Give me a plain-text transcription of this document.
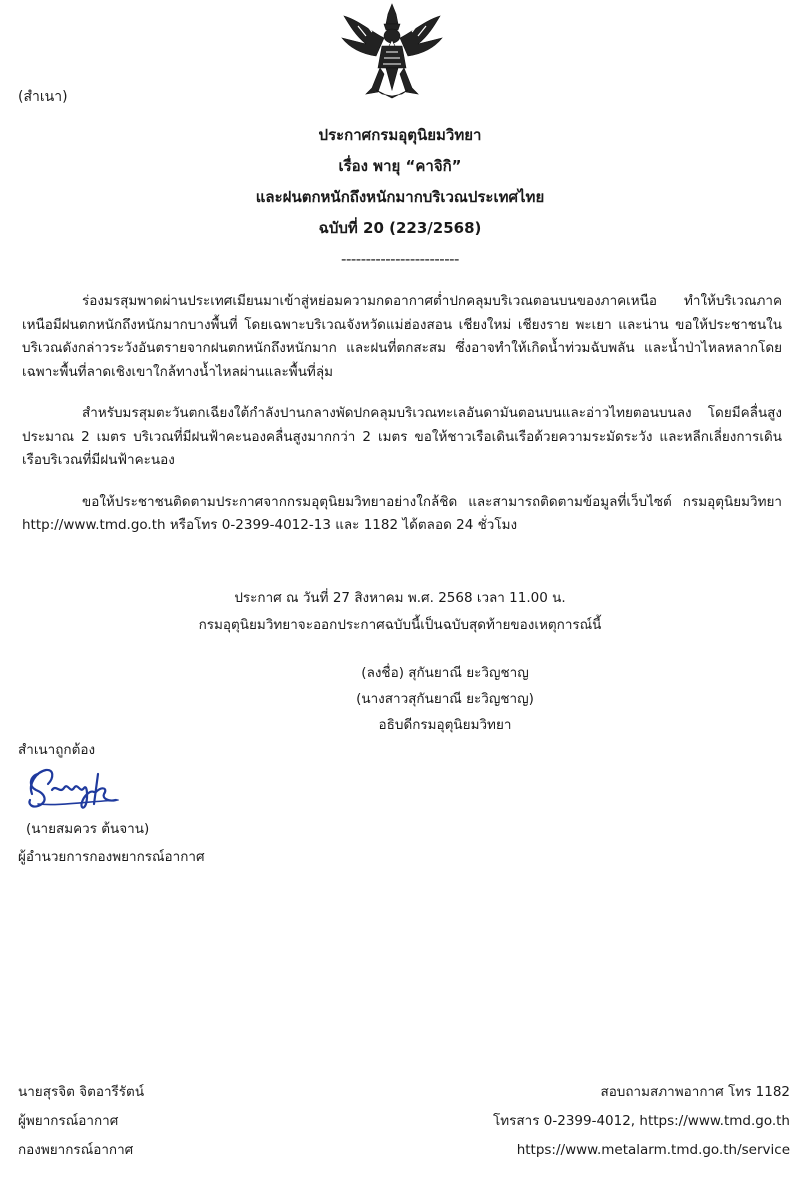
(สำเนา)
ประกาศกรมอุตุนิยมวิทยา
เรื่อง พายุ “คาจิกิ”
และฝนตกหนักถึงหนักมากบริเวณประเทศไทย
ฉบับที่ 20 (223/2568)
------------------------

ร่องมรสุมพาดผ่านประเทศเมียนมาเข้าสู่หย่อมความกดอากาศต่ำปกคลุมบริเวณตอนบนของภาคเหนือ ทำให้บริเวณภาคเหนือมีฝนตกหนักถึงหนักมากบางพื้นที่ โดยเฉพาะบริเวณจังหวัดแม่ฮ่องสอน เชียงใหม่ เชียงราย พะเยา และน่าน ขอให้ประชาชนในบริเวณดังกล่าวระวังอันตรายจากฝนตกหนักถึงหนักมาก และฝนที่ตกสะสม ซึ่งอาจทำให้เกิดน้ำท่วมฉับพลัน และน้ำป่าไหลหลากโดยเฉพาะพื้นที่ลาดเชิงเขาใกล้ทางน้ำไหลผ่านและพื้นที่ลุ่ม

สำหรับมรสุมตะวันตกเฉียงใต้กำลังปานกลางพัดปกคลุมบริเวณทะเลอันดามันตอนบนและอ่าวไทยตอนบนลง โดยมีคลื่นสูงประมาณ 2 เมตร บริเวณที่มีฝนฟ้าคะนองคลื่นสูงมากกว่า 2 เมตร ขอให้ชาวเรือเดินเรือด้วยความระมัดระวัง และหลีกเลี่ยงการเดินเรือบริเวณที่มีฝนฟ้าคะนอง

ขอให้ประชาชนติดตามประกาศจากกรมอุตุนิยมวิทยาอย่างใกล้ชิด และสามารถติดตามข้อมูลที่เว็บไซต์ กรมอุตุนิยมวิทยา http://www.tmd.go.th หรือโทร 0-2399-4012-13 และ 1182 ได้ตลอด 24 ชั่วโมง

ประกาศ ณ วันที่ 27 สิงหาคม พ.ศ. 2568 เวลา 11.00 น.
กรมอุตุนิยมวิทยาจะออกประกาศฉบับนี้เป็นฉบับสุดท้ายของเหตุการณ์นี้
(ลงชื่อ) สุกันยาณี ยะวิญชาญ
(นางสาวสุกันยาณี ยะวิญชาญ)
อธิบดีกรมอุตุนิยมวิทยา
สำเนาถูกต้อง
(นายสมควร ต้นจาน)
ผู้อำนวยการกองพยากรณ์อากาศ
นายสุรจิต จิตอารีรัตน์
ผู้พยากรณ์อากาศ
กองพยากรณ์อากาศ
สอบถามสภาพอากาศ โทร 1182
โทรสาร 0-2399-4012, https://www.tmd.go.th
https://www.metalarm.tmd.go.th/service
